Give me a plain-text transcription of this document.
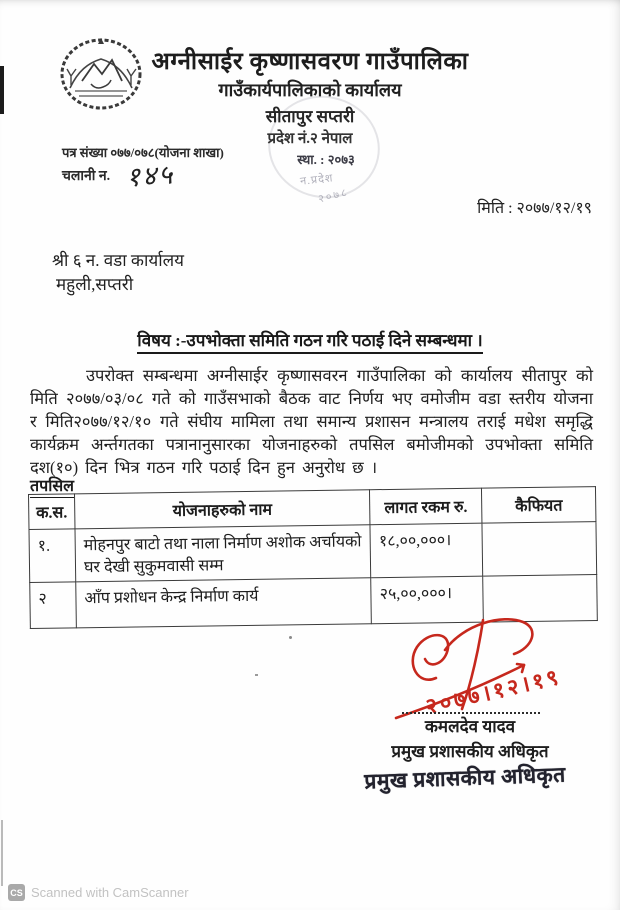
न.प्रदेश
२०७८
अग्नीसाईर कृष्णासवरण गाउँपालिका
गाउँकार्यपालिकाको कार्यालय
सीतापुर सप्तरी
प्रदेश नं.२ नेपाल
स्था. : २०७३
पत्र संख्या ०७७/०७८(योजना शाखा)
चलानी न. १४५
मिति : २०७७/१२/१९
श्री ६ न. वडा कार्यालय
महुली,सप्तरी
विषय :-उपभोक्ता समिति गठन गरि पठाई दिने सम्बन्धमा ।
उपरोक्त सम्बन्धमा अग्नीसाईर कृष्णासवरन गाउँपालिका को कार्यालय सीतापुर को मिति २०७७/०३/०८ गते को गाउँसभाको बैठक वाट निर्णय भए वमोजीम वडा स्तरीय योजना र मिति२०७७/१२/१० गते संघीय मामिला तथा समान्य प्रशासन मन्त्रालय तराई मधेश समृद्धि कार्यक्रम अर्न्तगतका पत्रानानुसारका योजनाहरुको तपसिल बमोजीमको उपभोक्ता समिति दश(१०) दिन भित्र गठन गरि पठाई दिन हुन अनुरोध छ ।
तपसिल
क.स.	योजनाहरुको नाम	लागत रकम रु.	कैफियत
१.	मोहनपुर बाटो तथा नाला निर्माण अशोक अर्चायको घर देखी सुकुमवासी सम्म	१८,००,०००।	
२	आँप प्रशोधन केन्द्र निर्माण कार्य	२५,००,०००।	
२०७७।१२।१९
कमलदेव यादव
प्रमुख प्रशासकीय अधिकृत
प्रमुख प्रशासकीय अधिकृत
CS Scanned with CamScanner
